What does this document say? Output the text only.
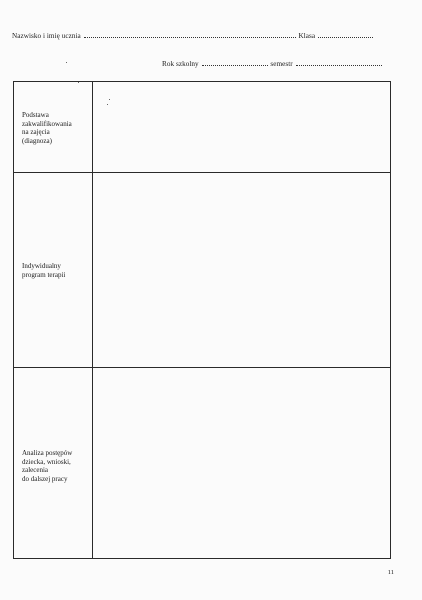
Nazwisko i imię ucznia	Klasa
Rok szkolny	semestr
Podstawa
zakwalifikowania
na zajęcia
(diagnoza)
Indywidualny
program terapii
Analiza postępów
dziecka, wnioski,
zalecenia
do dalszej pracy
11
